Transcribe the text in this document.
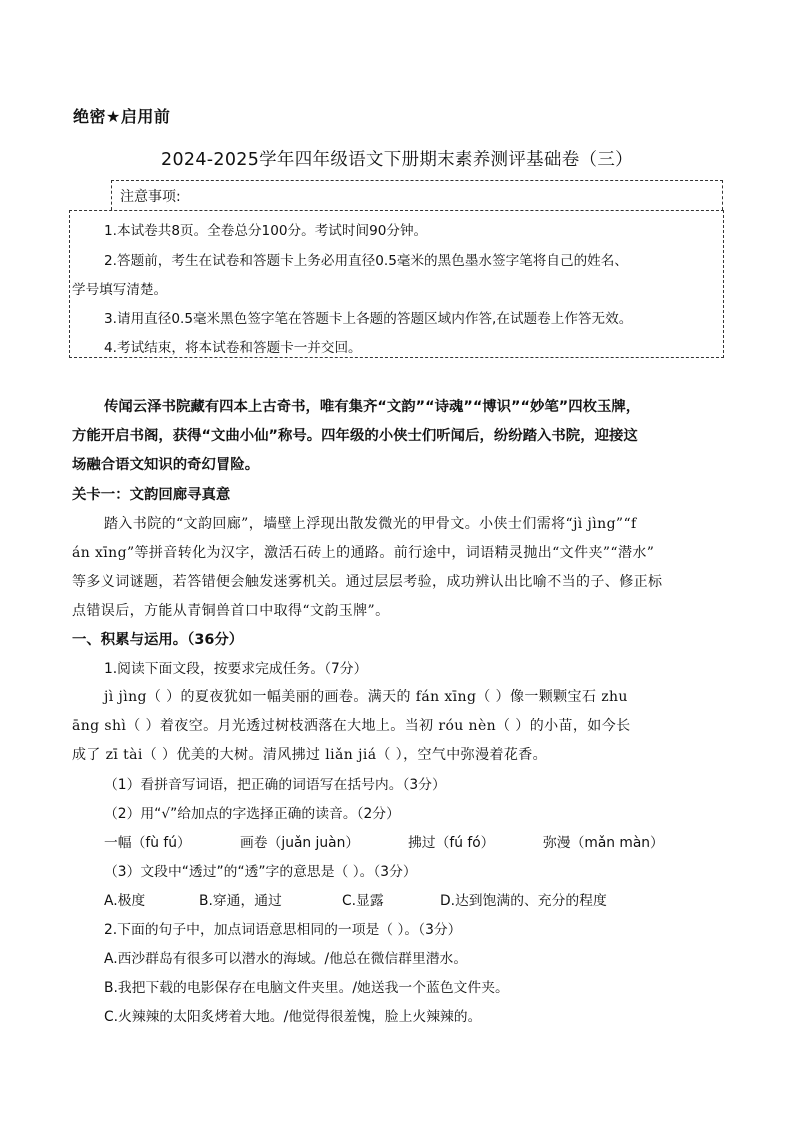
绝密★启用前
2024-2025学年四年级语文下册期末素养测评基础卷（三）
注意事项:
1.本试卷共8页。全卷总分100分。考试时间90分钟。
2.答题前，考生在试卷和答题卡上务必用直径0.5毫米的黑色墨水签字笔将自己的姓名、
学号填写清楚。
3.请用直径0.5毫米黑色签字笔在答题卡上各题的答题区域内作答,在试题卷上作答无效。
4.考试结束，将本试卷和答题卡一并交回。
传闻云泽书院藏有四本上古奇书，唯有集齐“文韵”“诗魂”“博识”“妙笔”四枚玉牌，
方能开启书阁，获得“文曲小仙”称号。四年级的小侠士们听闻后，纷纷踏入书院，迎接这
场融合语文知识的奇幻冒险。
关卡一：文韵回廊寻真意
踏入书院的“文韵回廊”，墙壁上浮现出散发微光的甲骨文。小侠士们需将“jì jìng”“f
án xīng”等拼音转化为汉字，激活石砖上的通路。前行途中，词语精灵抛出“文件夹”“潜水”
等多义词谜题，若答错便会触发迷雾机关。通过层层考验，成功辨认出比喻不当的子、修正标
点错误后，方能从青铜兽首口中取得“文韵玉牌”。
一、积累与运用。（36分）
1.阅读下面文段，按要求完成任务。（7分）
jì jìng（ ）的夏夜犹如一幅美丽的画卷。满天的 fán xīng（ ）像一颗颗宝石 zhu
āng shì（ ）着夜空。月光透过树枝洒落在大地上。当初 róu nèn（ ）的小苗，如今长
成了 zī tài（ ）优美的大树。清风拂过 liǎn jiá（ ），空气中弥漫着花香。
（1）看拼音写词语，把正确的词语写在括号内。（3分）
（2）用“√”给加点的字选择正确的读音。（2分）
一幅（fù fú）	画卷（juǎn juàn）	拂过（fú fó）	弥漫（mǎn màn）
（3）文段中“透过”的“透”字的意思是（ ）。（3分）
A.极度	B.穿通，通过	C.显露	D.达到饱满的、充分的程度
2.下面的句子中，加点词语意思相同的一项是（ ）。（3分）
A.西沙群岛有很多可以潜水的海域。/他总在微信群里潜水。
B.我把下载的电影保存在电脑文件夹里。/她送我一个蓝色文件夹。
C.火辣辣的太阳炙烤着大地。/他觉得很羞愧，脸上火辣辣的。
